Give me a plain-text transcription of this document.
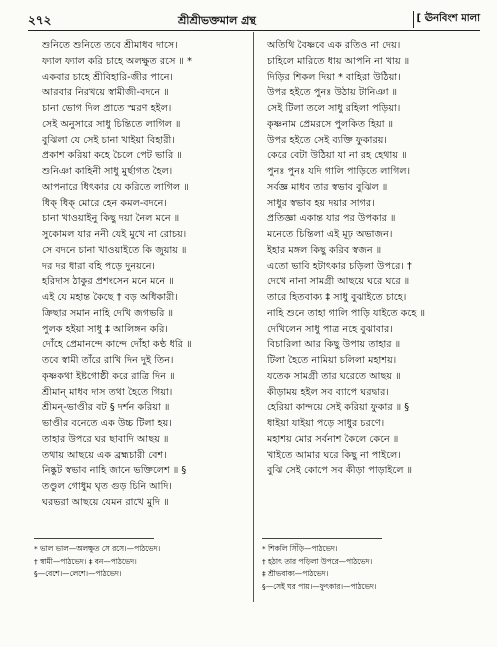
২৭২	শ্রীশ্রীভক্তমাল গ্রন্থ	[ ঊনবিংশ মালা
শুনিতে শুনিতে তবে শ্রীমাধব দাসে।
ফ্যাল ফ্যাল করি চাহে অলক্ষুত রসে ॥ *
একবার চাহে শ্রীবিহারি-জীর পানে।
আরবার নিরখয়ে স্বামীজী-বদনে ॥
চানা ভোগ দিল প্রাতে স্মরণ হইল।
সেই অনুসারে সাধু চিন্তিতে লাগিল ॥
বুঝিলা যে সেই চানা খাইয়া বিহারী।
প্রকাশ করিয়া কহে চৈলে পেট ভারি ॥
শুনিঞা কাহিনী সাধু মুর্ছাগত হৈল।
আপনারে ধিৎকার যে করিতে লাগিল ॥
ধিক্ ধিক্ মোরে হেন কমল-বদনে।
চানা খাওয়াইনু কিছু দয়া নৈল মনে ॥
সুকোমল যার ননী যেই মুখে না রোচয়।
সে বদনে চানা খাওয়াইতে কি জুয়ায় ॥
দর দর ধারা বহি পড়ে দুনয়নে।
হরিদাস ঠাকুর প্রশংসেন মনে মনে ॥
এই যে মহান্ত কৈছে † বড় অধিকারী।
ক্রিছার সমান নাহি দেখি জগভরি ॥
পুলক হইয়া সাধু ‡ আলিঙ্গন করি।
দোঁহে প্রেমানন্দে কান্দে দোঁহা কণ্ঠ ধরি ॥
তবে স্বামী তাঁরে রাখি দিন দুই তিন।
কৃষ্ণকথা ইষ্টগোষ্ঠী করে রাত্রি দিন ॥
শ্রীমান্ মাধব দাস তথা হৈতে গিয়া।
শ্রীমন্-ভাণ্ডীর বট § দর্শন করিয়া ॥
ভাণ্ডীর বনেতে এক উচ্চ টিলা হয়।
তাহার উপরে ঘর ছাবাদি আছয় ॥
তথায় আছয়ে এক ব্রহ্মচারী বেশ।
নিষ্কুট স্বভাব নাহি জানে ভক্তিলেশ ॥ §
তণ্ডুল গোধুম ঘৃত গুড় চিনি আদি।
ঘরভরা আছয়ে যেমন রাখে মুদি ॥
অতিথি বৈষ্ণবে এক রতিও না দেয়।
চাহিলে মারিতে ধায় আপনি না খায় ॥
দিড়ির শিকল দিয়া * বাহিরা উঠিয়া।
উপর হইতে পুনঃ উঠায় টানিঞা ॥
সেই টিলা তলে সাধু রহিলা পড়িয়া।
কৃষ্ণনাম প্রেমরসে পুলকিত হিয়া ॥
উপর হইতে সেই ব্যক্তি ফুকারয়।
কেরে বেটা উঠিয়া যা না রহ হেথায় ॥
পুনঃ পুনঃ যদি গালি পাড়িতে লাগিল।
সর্বজ্ঞ মাধব তার স্বভাব বুঝিল ॥
সাধুর স্বভাব হয় দয়ার সাগর।
প্রতিজ্ঞা একান্ত যার পর উপকার ॥
মনেতে চিন্তিলা এই মূঢ় অভাজন।
ইহার মঙ্গল কিছু করিব স্বজন ॥
এতো ভাবি হটাৎকার চড়িলা উপরে। †
দেখে নানা সামগ্রী আছয়ে ঘরে ঘরে ॥
তারে হিতবাক্য ‡ সাধু বুঝাইতে চাহে।
নাহি শুনে তাহা গালি পাড়ি যাইতে কহে ॥
দেখিলেন সাধু পাত্র নহে বুঝাবার।
বিচারিলা আর কিছু উপায় তাহার ॥
টিলা হৈতে নামিয়া চলিলা মহাশয়।
যতেক সামগ্রী তার ঘরেতে আছয় ॥
কীড়াময় হইল সব ব্যাপে ঘরদ্বার।
হেরিয়া কান্দয়ে সেই করিয়া ফুকার ॥ §
ধাইয়া যাইয়া পড়ে সাধুর চরণে।
মহাশয় মোর সর্বনাশ কৈলে কেনে ॥
খাইতে আমার ঘরে কিছু না পাইলে।
বুঝি সেই কোপে সব কীড়া পাড়াইলে ॥
* ভাল ভাল—অলক্ষুত সে রসে।—পাঠভেদ।
† স্বামী—পাঠভেদ। ‡ বন—পাঠভেদ।
§—বেশে।—লেশে।—পাঠভেদ।
* শিকলি সিঁড়ি—পাঠভেদ।
† হঠাৎ তার পড়িলা উপরে—পাঠভেদ।
‡ শ্রীভবাক্য—পাঠভেদ।
§—সেই ঘর পায়।—ফুৎকার।—পাঠভেদ।
